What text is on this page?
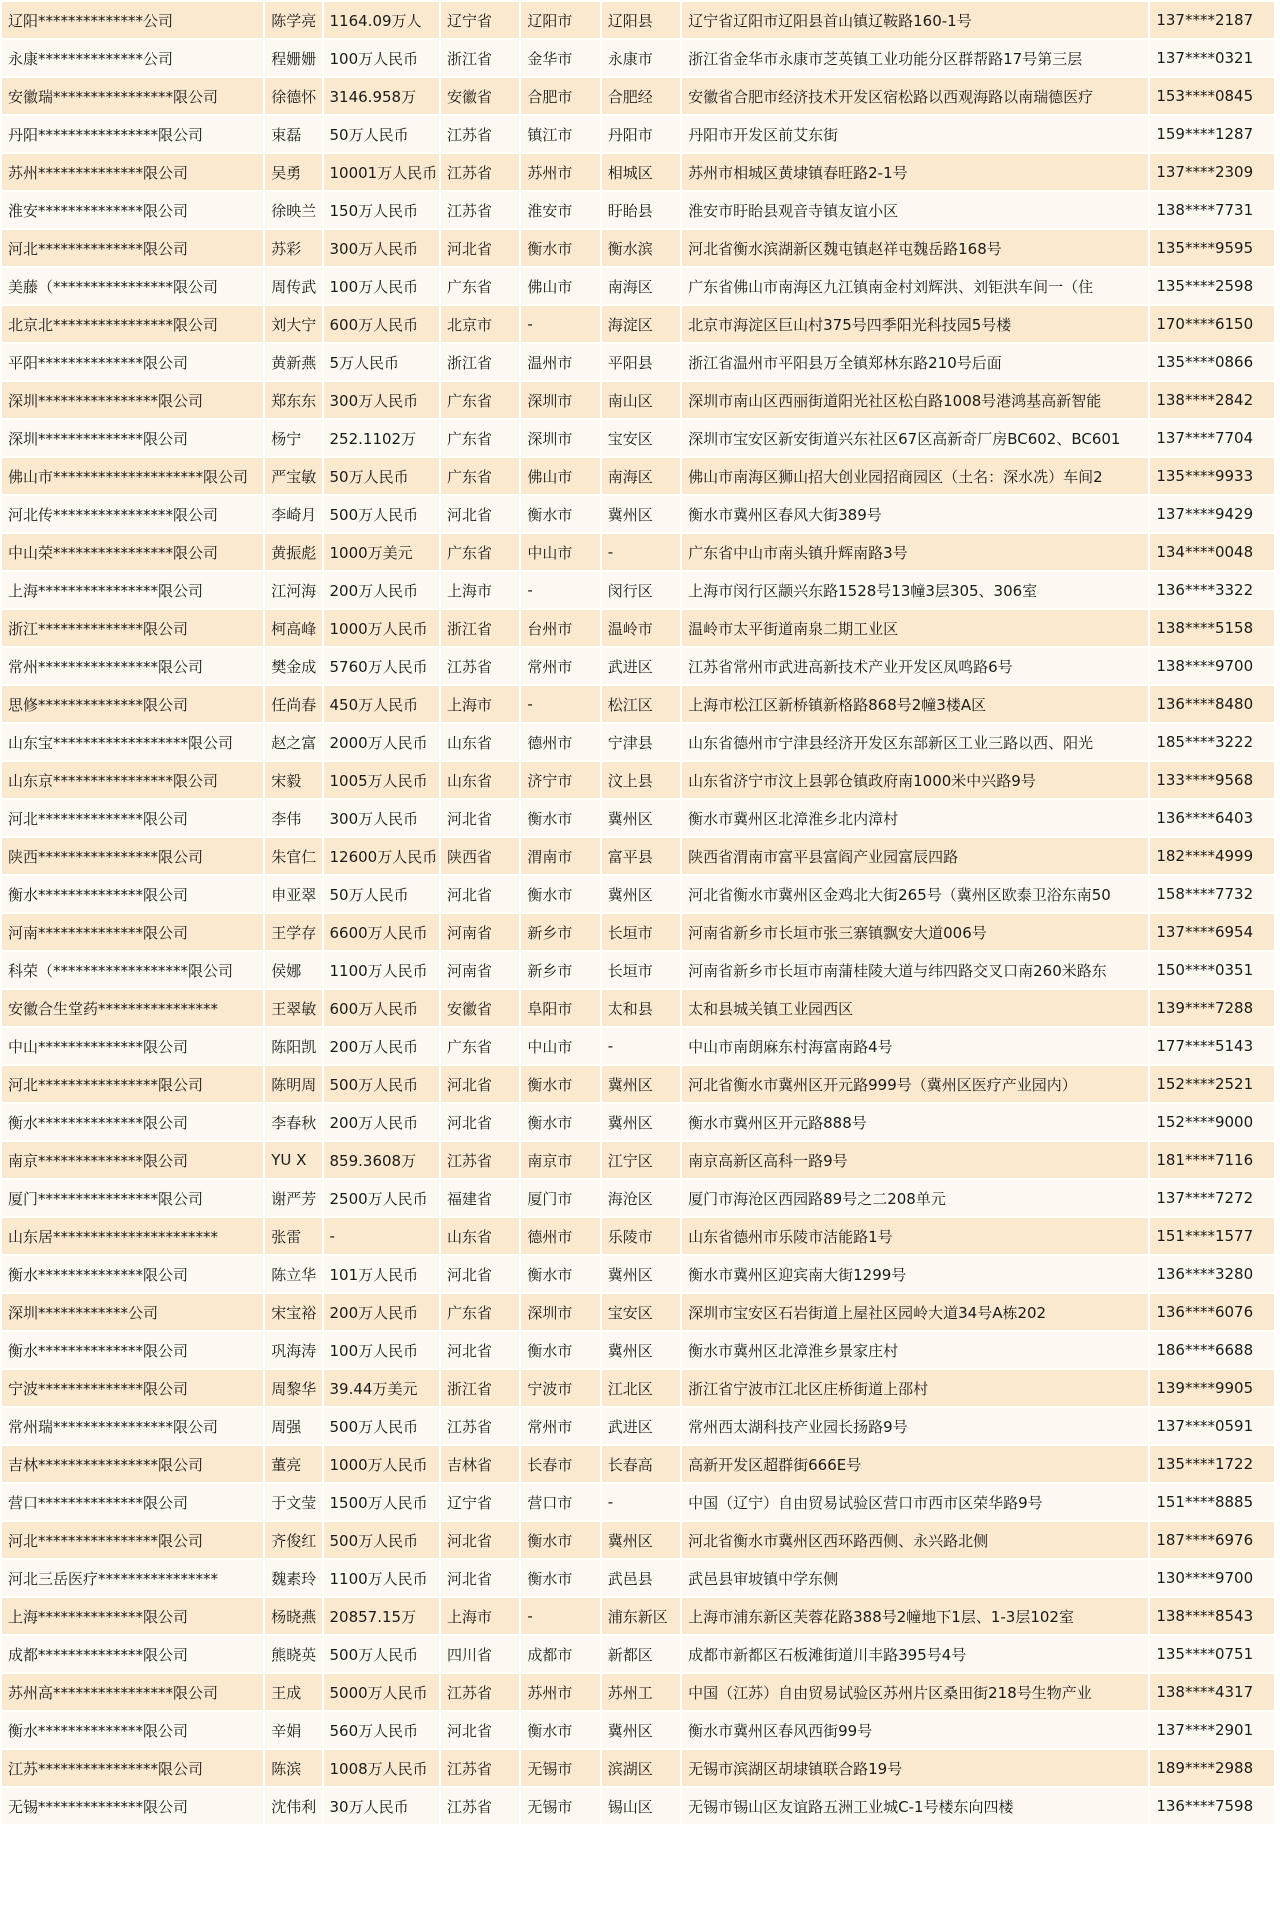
辽阳**************公司	陈学亮	1164.09万人	辽宁省	辽阳市	辽阳县	辽宁省辽阳市辽阳县首山镇辽鞍路160-1号	137****2187
永康**************公司	程姗姗	100万人民币	浙江省	金华市	永康市	浙江省金华市永康市芝英镇工业功能分区群帮路17号第三层	137****0321
安徽瑞****************限公司	徐德怀	3146.958万	安徽省	合肥市	合肥经	安徽省合肥市经济技术开发区宿松路以西观海路以南瑞德医疗	153****0845
丹阳****************限公司	束磊	50万人民币	江苏省	镇江市	丹阳市	丹阳市开发区前艾东街	159****1287
苏州**************限公司	吴勇	10001万人民币	江苏省	苏州市	相城区	苏州市相城区黄埭镇春旺路2-1号	137****2309
淮安**************限公司	徐映兰	150万人民币	江苏省	淮安市	盱眙县	淮安市盱眙县观音寺镇友谊小区	138****7731
河北**************限公司	苏彩	300万人民币	河北省	衡水市	衡水滨	河北省衡水滨湖新区魏屯镇赵祥屯魏岳路168号	135****9595
美藤（****************限公司	周传武	100万人民币	广东省	佛山市	南海区	广东省佛山市南海区九江镇南金村刘辉洪、刘钜洪车间一（住	135****2598
北京北****************限公司	刘大宁	600万人民币	北京市	-	海淀区	北京市海淀区巨山村375号四季阳光科技园5号楼	170****6150
平阳**************限公司	黄新燕	5万人民币	浙江省	温州市	平阳县	浙江省温州市平阳县万全镇郑林东路210号后面	135****0866
深圳****************限公司	郑东东	300万人民币	广东省	深圳市	南山区	深圳市南山区西丽街道阳光社区松白路1008号港鸿基高新智能	138****2842
深圳**************限公司	杨宁	252.1102万	广东省	深圳市	宝安区	深圳市宝安区新安街道兴东社区67区高新奇厂房BC602、BC601	137****7704
佛山市********************限公司	严宝敏	50万人民币	广东省	佛山市	南海区	佛山市南海区狮山招大创业园招商园区（土名：深水冼）车间2	135****9933
河北传****************限公司	李崎月	500万人民币	河北省	衡水市	冀州区	衡水市冀州区春风大街389号	137****9429
中山荣****************限公司	黄振彪	1000万美元	广东省	中山市	-	广东省中山市南头镇升辉南路3号	134****0048
上海****************限公司	江河海	200万人民币	上海市	-	闵行区	上海市闵行区颛兴东路1528号13幢3层305、306室	136****3322
浙江**************限公司	柯高峰	1000万人民币	浙江省	台州市	温岭市	温岭市太平街道南泉二期工业区	138****5158
常州****************限公司	樊金成	5760万人民币	江苏省	常州市	武进区	江苏省常州市武进高新技术产业开发区凤鸣路6号	138****9700
思修**************限公司	任尚春	450万人民币	上海市	-	松江区	上海市松江区新桥镇新格路868号2幢3楼A区	136****8480
山东宝******************限公司	赵之富	2000万人民币	山东省	德州市	宁津县	山东省德州市宁津县经济开发区东部新区工业三路以西、阳光	185****3222
山东京****************限公司	宋毅	1005万人民币	山东省	济宁市	汶上县	山东省济宁市汶上县郭仓镇政府南1000米中兴路9号	133****9568
河北**************限公司	李伟	300万人民币	河北省	衡水市	冀州区	衡水市冀州区北漳淮乡北内漳村	136****6403
陕西****************限公司	朱官仁	12600万人民币	陕西省	渭南市	富平县	陕西省渭南市富平县富阎产业园富辰四路	182****4999
衡水**************限公司	申亚翠	50万人民币	河北省	衡水市	冀州区	河北省衡水市冀州区金鸡北大街265号（冀州区欧泰卫浴东南50	158****7732
河南**************限公司	王学存	6600万人民币	河南省	新乡市	长垣市	河南省新乡市长垣市张三寨镇飘安大道006号	137****6954
科荣（******************限公司	侯娜	1100万人民币	河南省	新乡市	长垣市	河南省新乡市长垣市南蒲桂陵大道与纬四路交叉口南260米路东	150****0351
安徽合生堂药****************	王翠敏	600万人民币	安徽省	阜阳市	太和县	太和县城关镇工业园西区	139****7288
中山**************限公司	陈阳凯	200万人民币	广东省	中山市	-	中山市南朗麻东村海富南路4号	177****5143
河北****************限公司	陈明周	500万人民币	河北省	衡水市	冀州区	河北省衡水市冀州区开元路999号（冀州区医疗产业园内）	152****2521
衡水**************限公司	李春秋	200万人民币	河北省	衡水市	冀州区	衡水市冀州区开元路888号	152****9000
南京**************限公司	YU X	859.3608万	江苏省	南京市	江宁区	南京高新区高科一路9号	181****7116
厦门****************限公司	谢严芳	2500万人民币	福建省	厦门市	海沧区	厦门市海沧区西园路89号之二208单元	137****7272
山东居**********************	张雷	-	山东省	德州市	乐陵市	山东省德州市乐陵市洁能路1号	151****1577
衡水**************限公司	陈立华	101万人民币	河北省	衡水市	冀州区	衡水市冀州区迎宾南大街1299号	136****3280
深圳************公司	宋宝裕	200万人民币	广东省	深圳市	宝安区	深圳市宝安区石岩街道上屋社区园岭大道34号A栋202	136****6076
衡水**************限公司	巩海涛	100万人民币	河北省	衡水市	冀州区	衡水市冀州区北漳淮乡景家庄村	186****6688
宁波**************限公司	周黎华	39.44万美元	浙江省	宁波市	江北区	浙江省宁波市江北区庄桥街道上邵村	139****9905
常州瑞****************限公司	周强	500万人民币	江苏省	常州市	武进区	常州西太湖科技产业园长扬路9号	137****0591
吉林****************限公司	董亮	1000万人民币	吉林省	长春市	长春高	高新开发区超群街666E号	135****1722
营口**************限公司	于文莹	1500万人民币	辽宁省	营口市	-	中国（辽宁）自由贸易试验区营口市西市区荣华路9号	151****8885
河北****************限公司	齐俊红	500万人民币	河北省	衡水市	冀州区	河北省衡水市冀州区西环路西侧、永兴路北侧	187****6976
河北三岳医疗****************	魏素玲	1100万人民币	河北省	衡水市	武邑县	武邑县审坡镇中学东侧	130****9700
上海**************限公司	杨晓燕	20857.15万	上海市	-	浦东新区	上海市浦东新区芙蓉花路388号2幢地下1层、1-3层102室	138****8543
成都**************限公司	熊晓英	500万人民币	四川省	成都市	新都区	成都市新都区石板滩街道川丰路395号4号	135****0751
苏州高****************限公司	王成	5000万人民币	江苏省	苏州市	苏州工	中国（江苏）自由贸易试验区苏州片区桑田街218号生物产业	138****4317
衡水**************限公司	辛娟	560万人民币	河北省	衡水市	冀州区	衡水市冀州区春风西街99号	137****2901
江苏****************限公司	陈滨	1008万人民币	江苏省	无锡市	滨湖区	无锡市滨湖区胡埭镇联合路19号	189****2988
无锡**************限公司	沈伟利	30万人民币	江苏省	无锡市	锡山区	无锡市锡山区友谊路五洲工业城C-1号楼东向四楼	136****7598
